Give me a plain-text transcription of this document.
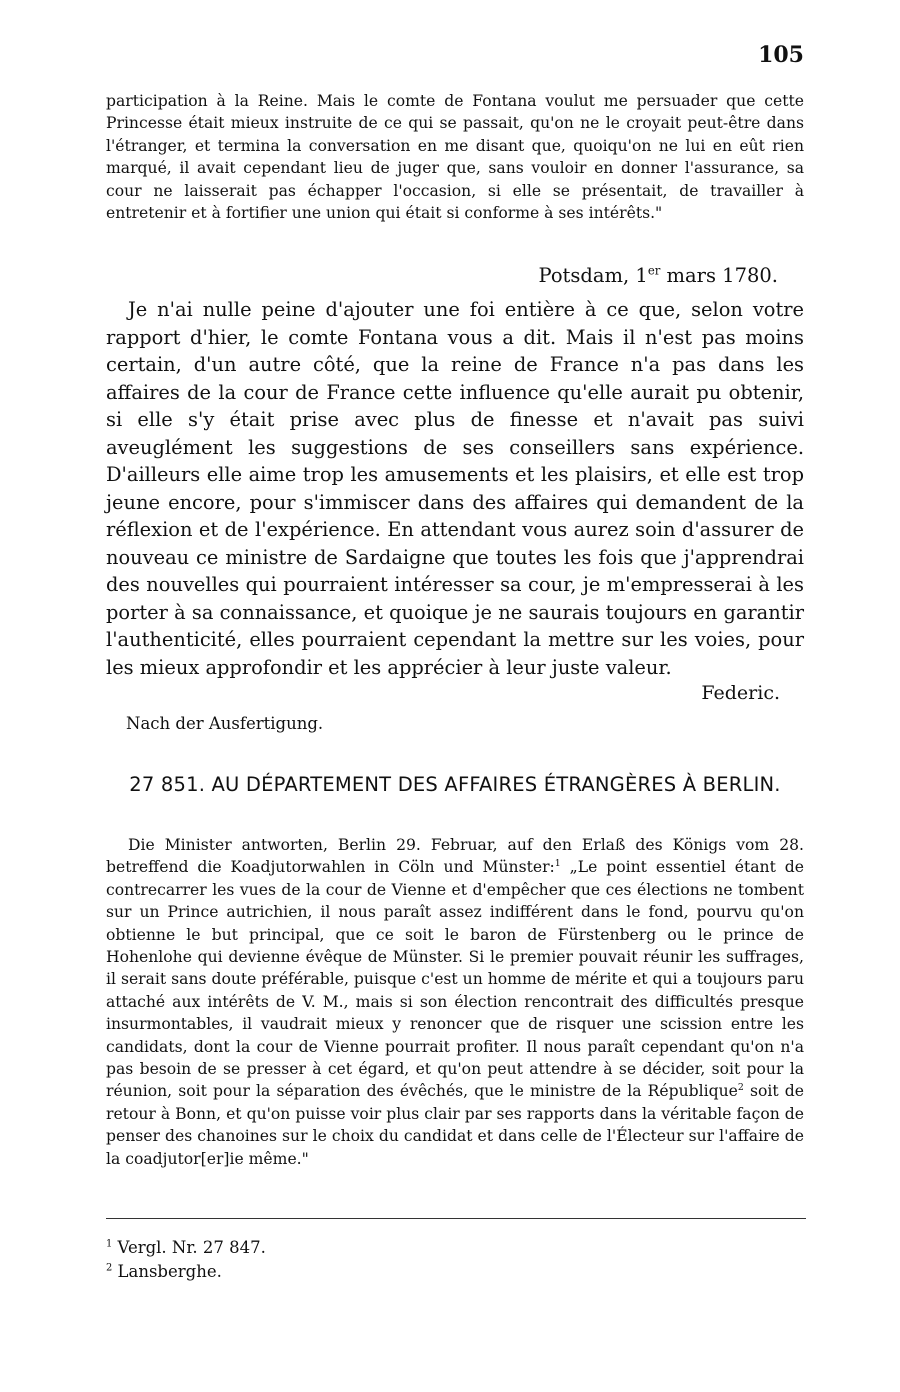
105

participation à la Reine. Mais le comte de Fontana voulut me persuader que cette Princesse était mieux instruite de ce qui se passait, qu'on ne le croyait peut-être dans l'étranger, et termina la conversation en me disant que, quoiqu'on ne lui en eût rien marqué, il avait cependant lieu de juger que, sans vouloir en donner l'assurance, sa cour ne laisserait pas échapper l'occasion, si elle se présentait, de travailler à entretenir et à fortifier une union qui était si conforme à ses intérêts."

Potsdam, 1er mars 1780.

Je n'ai nulle peine d'ajouter une foi entière à ce que, selon votre rapport d'hier, le comte Fontana vous a dit. Mais il n'est pas moins certain, d'un autre côté, que la reine de France n'a pas dans les affaires de la cour de France cette influence qu'elle aurait pu obtenir, si elle s'y était prise avec plus de finesse et n'avait pas suivi aveuglément les suggestions de ses conseillers sans expérience. D'ailleurs elle aime trop les amusements et les plaisirs, et elle est trop jeune encore, pour s'immiscer dans des affaires qui demandent de la réflexion et de l'expérience. En attendant vous aurez soin d'assurer de nouveau ce ministre de Sardaigne que toutes les fois que j'apprendrai des nouvelles qui pourraient intéresser sa cour, je m'empresserai à les porter à sa connaissance, et quoique je ne saurais toujours en garantir l'authenticité, elles pourraient cependant la mettre sur les voies, pour les mieux approfondir et les apprécier à leur juste valeur.

Federic.
Nach der Ausfertigung.
27 851. AU DÉPARTEMENT DES AFFAIRES ÉTRANGÈRES À BERLIN.

Die Minister antworten, Berlin 29. Februar, auf den Erlaß des Königs vom 28. betreffend die Koadjutorwahlen in Cöln und Münster:$^1$ „Le point essentiel étant de contrecarrer les vues de la cour de Vienne et d'empêcher que ces élections ne tombent sur un Prince autrichien, il nous paraît assez indifférent dans le fond, pourvu qu'on obtienne le but principal, que ce soit le baron de Fürstenberg ou le prince de Hohenlohe qui devienne évêque de Münster. Si le premier pouvait réunir les suffrages, il serait sans doute préférable, puisque c'est un homme de mérite et qui a toujours paru attaché aux intérêts de V. M., mais si son élection rencontrait des difficultés presque insurmontables, il vaudrait mieux y renoncer que de risquer une scission entre les candidats, dont la cour de Vienne pourrait profiter. Il nous paraît cependant qu'on n'a pas besoin de se presser à cet égard, et qu'on peut attendre à se décider, soit pour la réunion, soit pour la séparation des évêchés, que le ministre de la République$^2$ soit de retour à Bonn, et qu'on puisse voir plus clair par ses rapports dans la véritable façon de penser des chanoines sur le choix du candidat et dans celle de l'Électeur sur l'affaire de la coadjutor[er]ie même."

$^1$ Vergl. Nr. 27 847.
$^2$ Lansberghe.
